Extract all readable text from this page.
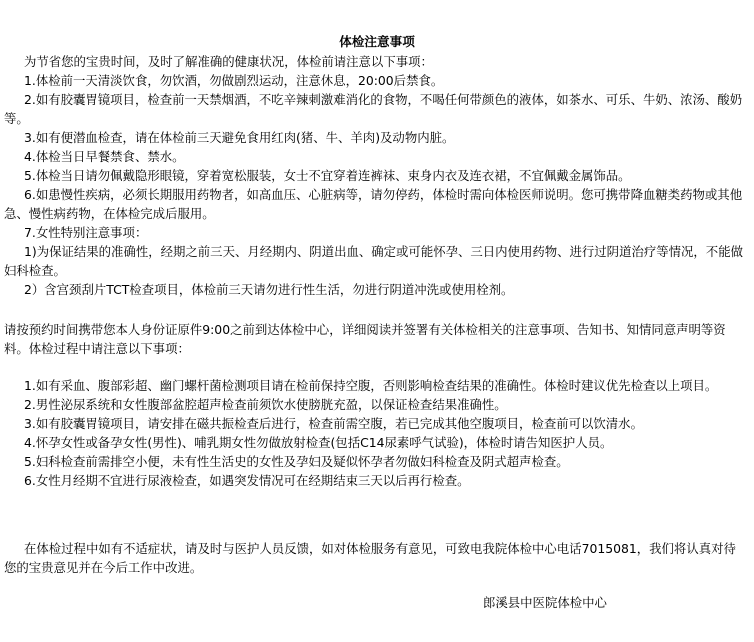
体检注意事项

为节省您的宝贵时间，及时了解准确的健康状况，体检前请注意以下事项：

1.体检前一天清淡饮食，勿饮酒，勿做剧烈运动，注意休息，20:00后禁食。

2.如有胶囊胃镜项目，检查前一天禁烟酒，不吃辛辣刺激难消化的食物，不喝任何带颜色的液体，如茶水、可乐、牛奶、浓汤、酸奶等。

3.如有便潜血检查，请在体检前三天避免食用红肉(猪、牛、羊肉)及动物内脏。

4.体检当日早餐禁食、禁水。

5.体检当日请勿佩戴隐形眼镜，穿着宽松服装，女士不宜穿着连裤袜、束身内衣及连衣裙，不宜佩戴金属饰品。

6.如患慢性疾病，必须长期服用药物者，如高血压、心脏病等，请勿停药，体检时需向体检医师说明。您可携带降血糖类药物或其他急、慢性病药物，在体检完成后服用。

7.女性特别注意事项：

1)为保证结果的准确性，经期之前三天、月经期内、阴道出血、确定或可能怀孕、三日内使用药物、进行过阴道治疗等情况，不能做妇科检查。

2）含宫颈刮片TCT检查项目，体检前三天请勿进行性生活，勿进行阴道冲洗或使用栓剂。

请按预约时间携带您本人身份证原件9:00之前到达体检中心，详细阅读并签署有关体检相关的注意事项、告知书、知情同意声明等资料。体检过程中请注意以下事项：

1.如有采血、腹部彩超、幽门螺杆菌检测项目请在检前保持空腹，否则影响检查结果的准确性。体检时建议优先检查以上项目。

2.男性泌尿系统和女性腹部盆腔超声检查前须饮水使膀胱充盈，以保证检查结果准确性。

3.如有胶囊胃镜项目，请安排在磁共振检查后进行，检查前需空腹，若已完成其他空腹项目，检查前可以饮清水。

4.怀孕女性或备孕女性(男性)、哺乳期女性勿做放射检查(包括C14尿素呼气试验)，体检时请告知医护人员。

5.妇科检查前需排空小便，未有性生活史的女性及孕妇及疑似怀孕者勿做妇科检查及阴式超声检查。

6.女性月经期不宜进行尿液检查，如遇突发情况可在经期结束三天以后再行检查。

在体检过程中如有不适症状，请及时与医护人员反馈，如对体检服务有意见，可致电我院体检中心电话7015081，我们将认真对待您的宝贵意见并在今后工作中改进。

郎溪县中医院体检中心
